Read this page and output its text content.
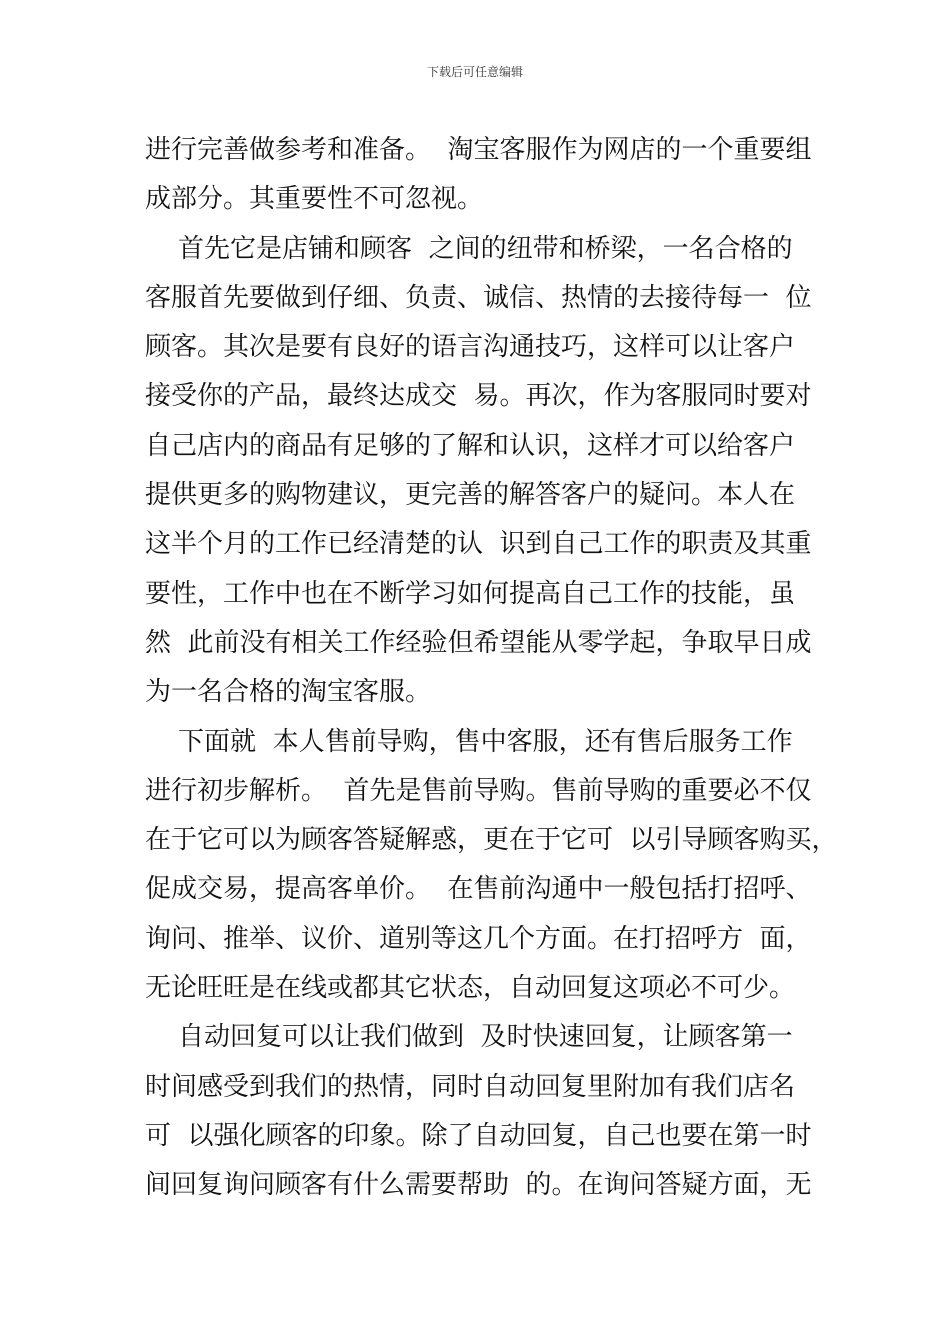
下载后可任意编辑
进行完善做参考和准备。  淘宝客服作为网店的一个重要组
成部分。其重要性不可忽视。
首先它是店铺和顾客  之间的纽带和桥梁，一名合格的
客服首先要做到仔细、负责、诚信、热情的去接待每一  位
顾客。其次是要有良好的语言沟通技巧，这样可以让客户
接受你的产品，最终达成交  易。再次，作为客服同时要对
自己店内的商品有足够的了解和认识，这样才可以给客户
提供更多的购物建议，更完善的解答客户的疑问。本人在
这半个月的工作已经清楚的认  识到自己工作的职责及其重
要性，工作中也在不断学习如何提高自己工作的技能，虽
然  此前没有相关工作经验但希望能从零学起，争取早日成
为一名合格的淘宝客服。
下面就  本人售前导购，售中客服，还有售后服务工作
进行初步解析。  首先是售前导购。售前导购的重要必不仅
在于它可以为顾客答疑解惑，更在于它可  以引导顾客购买，
促成交易，提高客单价。  在售前沟通中一般包括打招呼、
询问、推举、议价、道别等这几个方面。在打招呼方  面，
无论旺旺是在线或都其它状态，自动回复这项必不可少。
自动回复可以让我们做到  及时快速回复，让顾客第一
时间感受到我们的热情，同时自动回复里附加有我们店名
可  以强化顾客的印象。除了自动回复，自己也要在第一时
间回复询问顾客有什么需要帮助  的。在询问答疑方面，无
